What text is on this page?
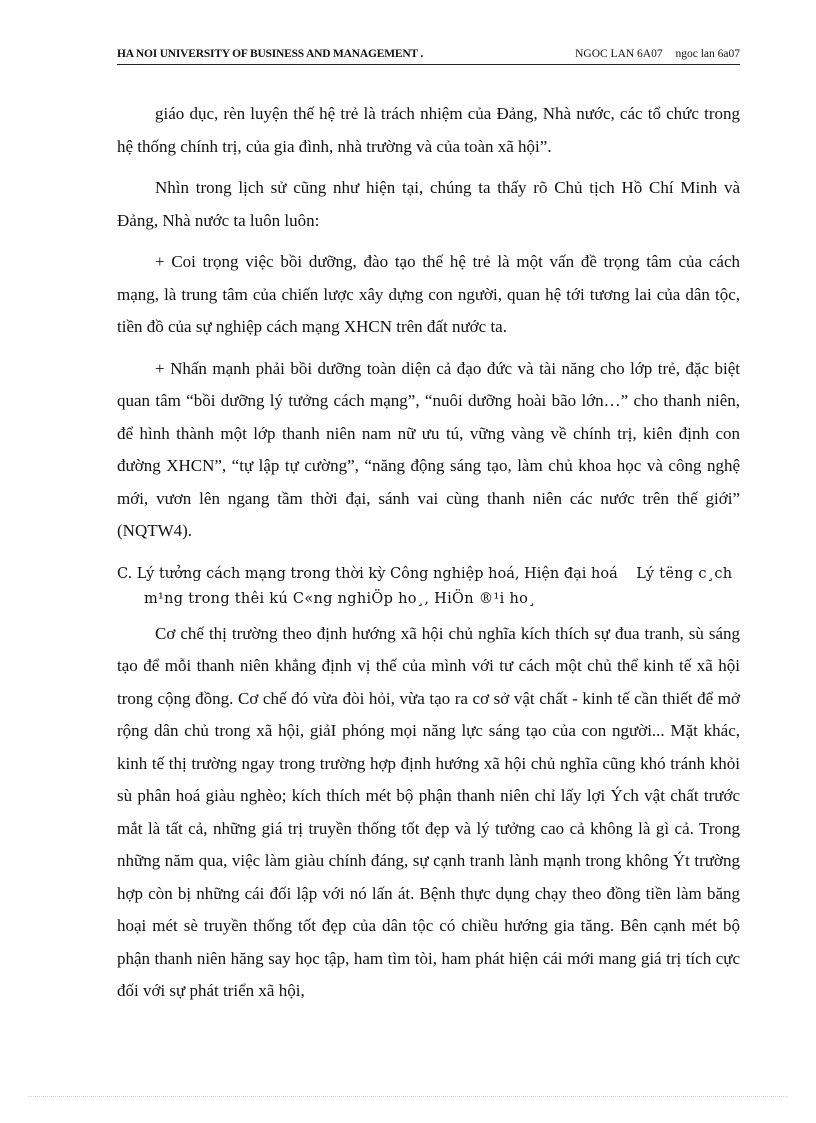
HA NOI UNIVERSITY OF BUSINESS AND MANAGEMENT .	NGOC LAN 6A07 ngoc lan 6a07

giáo dục, rèn luyện thế hệ trẻ là trách nhiệm của Đảng, Nhà nước, các tổ chức trong hệ thống chính trị, của gia đình, nhà trường và của toàn xã hội”.

Nhìn trong lịch sử cũng như hiện tại, chúng ta thấy rõ Chủ tịch Hồ Chí Minh và Đảng, Nhà nước ta luôn luôn:

+ Coi trọng việc bồi dưỡng, đào tạo thế hệ trẻ là một vấn đề trọng tâm của cách mạng, là trung tâm của chiến lược xây dựng con người, quan hệ tới tương lai của dân tộc, tiền đồ của sự nghiệp cách mạng XHCN trên đất nước ta.

+ Nhấn mạnh phải bồi dưỡng toàn diện cả đạo đức và tài năng cho lớp trẻ, đặc biệt quan tâm “bồi dưỡng lý tưởng cách mạng”, “nuôi dưỡng hoài bão lớn…” cho thanh niên, để hình thành một lớp thanh niên nam nữ ưu tú, vững vàng về chính trị, kiên định con đường XHCN”, “tự lập tự cường”, “năng động sáng tạo, làm chủ khoa học và công nghệ mới, vươn lên ngang tầm thời đại, sánh vai cùng thanh niên các nước trên thế giới” (NQTW4).

C. Lý tưởng cách mạng trong thời kỳ Công nghiệp hoá, Hiện đại hoá Lý tëng c¸ch m¹ng trong thêi kú C«ng nghiÖp ho¸, HiÖn ®¹i ho¸

Cơ chế thị trường theo định hướng xã hội chủ nghĩa kích thích sự đua tranh, sù sáng tạo để mỗi thanh niên khẳng định vị thế của mình với tư cách một chủ thể kinh tế xã hội trong cộng đồng. Cơ chế đó vừa đòi hỏi, vừa tạo ra cơ sở vật chất - kinh tế cần thiết để mở rộng dân chủ trong xã hội, giảI phóng mọi năng lực sáng tạo của con người... Mặt khác, kinh tế thị trường ngay trong trường hợp định hướng xã hội chủ nghĩa cũng khó tránh khỏi sù phân hoá giàu nghèo; kích thích mét bộ phận thanh niên chỉ lấy lợi Ých vật chất trước mắt là tất cả, những giá trị truyền thống tốt đẹp và lý tưởng cao cả không là gì cả. Trong những năm qua, việc làm giàu chính đáng, sự cạnh tranh lành mạnh trong không Ýt trường hợp còn bị những cái đối lập với nó lấn át. Bệnh thực dụng chạy theo đồng tiền làm băng hoại mét sè truyền thống tốt đẹp của dân tộc có chiều hướng gia tăng. Bên cạnh mét bộ phận thanh niên hăng say học tập, ham tìm tòi, ham phát hiện cái mới mang giá trị tích cực đối với sự phát triển xã hội,
